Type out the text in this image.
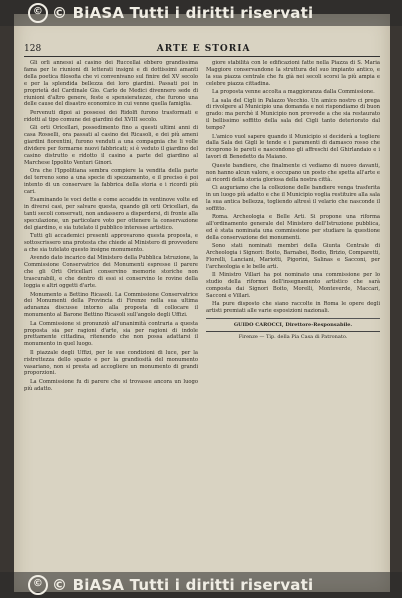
128	ARTE E STORIA

Gli orli annessi al casino dei Ruccellai ebbero grandissima fama per le riunioni di letterati insigni e di dottissimi amanti della poetica filosofia che vi convenivano sul finire del XV secolo e per la splendida bellezza dei loro giardini. Passati poi in proprietà del Cardinale Gio. Carlo de Medici divennero sede di riunioni d'altro genere, feste e spensieratezze, che furono una delle cause del disastro economico in cui venne quella famiglia.

Pervenuti dipoi ai possessi dei Ridolfi furono trasformati e ridotti al tipo comune dei giardini del XVIII secolo.

Gli orti Oricellari, possedimento fino a questi ultimi anni di casa Rosselli, ora passati al casino dei Ricasoli, e dei più ameni giardini fiorentini, furono venduti a una compagnia che li volle dividere per formarne nuovi fabbricati; si è veduto il giardino del casino distrutto e ridotto il casino a parte del giardino al Marchese Ippolito Venturi Ginori.

Ora che l'Ippolitiana sembra compiere la vendita della parte del terreno sono a una specie di spezzamento, e il preciso è poi intento di un conservare la fabbrica della storia e i ricordi più cari.

Esaminando le voci dette e come accadde in ventinove volte ed in diversi casi, per salvare questa, quando gli orti Oricellari, da tanti secoli conservati, non andassero a disperdersi, di fronte alla speculazione, un particolare voto per ottenere la conservazione del giardino, e sia tutelato il pubblico interesse artistico.

Tutti gli accademici presenti approvarono questa proposta, e sottoscrissero una protesta che chiede al Ministero di provvedere a che sia tutelato questo insigne monumento.

Avendo dato incarico dal Ministero della Pubblica Istruzione, la Commissione Conservatrice dei Monumenti espresse il parere che gli Orti Oricellari conservino memorie storiche non trascurabili, e che dentro di essi si conservino le rovine della loggia e altri oggetti d'arte.

Monumento a Bettino Ricasoli. La Commissione Conservatrice dei Monumenti della Provincia di Firenze nella sua ultima adunanza discusse intorno alla proposta di collocare il monumento al Barone Bettino Ricasoli sull'angolo degli Uffizi.

La Commissione si pronunziò all'unanimità contraria a questa proposta sia per ragioni d'arte, sia per ragioni di indole prettamente cittadina, ritenendo che non possa adattarsi il monumento in quel luogo.

Il piazzale degli Uffizi, per le sue condizioni di luce, per la ristrettezza dello spazio e per la grandiosità del monumento vasariano, non si presta ad accogliere un monumento di grandi proporzioni.

La Commissione fu di parere che si trovasse ancora un luogo più adatto.

giore stabilità con le edificazioni fatte nella Piazza di S. Maria Maggiore conservandone la struttura del suo impianto antico, e la sua piazza centrale che fu già nei secoli scorsi la più ampia e celebre piazza cittadina.

La proposta venne accolta a maggioranza dalla Commissione.

La sala del Cigli in Palazzo Vecchio. Un amico nostro ci prega di rivolgere al Municipio una domanda e noi rispondiamo di buon grado: ma perchè il Municipio non provvede a che sia restaurato il bellissimo soffitto della sala del Cigli tanto deteriorato dal tempo?

L'amico vuol sapere quando il Municipio si deciderà a togliere dalla Sala dei Gigli le tende e i paramenti di damasco rosso che ricoprono le pareti e nascondono gli affreschi del Ghirlandaio e i lavori di Benedetto da Maiano.

Queste bandiere, che finalmente ci vediamo di nuovo davanti, non hanno alcun valore, e occupano un posto che spetta all'arte e ai ricordi della storia gloriosa della nostra città.

Ci auguriamo che la collezione delle bandiere venga trasferita in un luogo più adatto e che il Municipio voglia restituire alla sala la sua antica bellezza, togliendo altresì il velario che nasconde il soffitto.

Roma. Archeologia e Belle Arti. Si propone una riforma all'ordinamento generale del Ministero dell'Istruzione pubblica, ed è stata nominata una commissione per studiare la questione della conservazione dei monumenti.

Sono stati nominati membri della Giunta Centrale di Archeologia i Signori: Boito, Barnabei, Bodio, Brizio, Comparetti, Fiorelli, Lanciani, Mariotti, Pigorini, Salinas e Sacconi, per l'archeologia e le belle arti.

Il Ministro Villari ha poi nominato una commissione per lo studio della riforma dell'insegnamento artistico che sarà composta dai Signori Boito, Morelli, Monteverde, Maccari, Sacconi e Villari.

Ha pure disposto che siano raccolte in Roma le opere degli artisti premiati alle varie esposizioni nazionali.

GUIDO CAROCCI, Direttore-Responsabile.
Firenze — Tip. della Pia Casa di Patronato.
© © BiASA Tutti i diritti riservati
© © BiASA Tutti i diritti riservati
